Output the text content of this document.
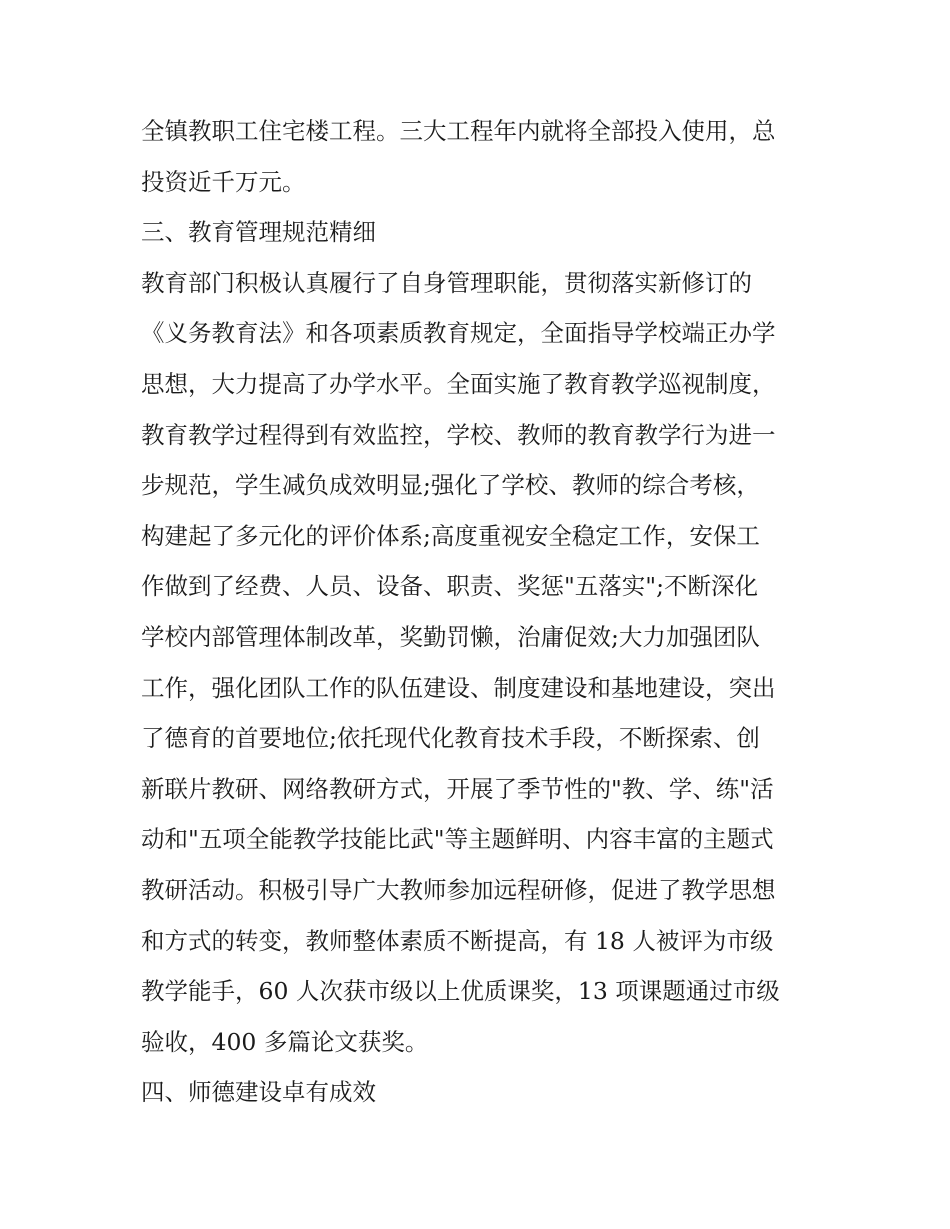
全镇教职工住宅楼工程。三大工程年内就将全部投入使用，总
投资近千万元。
三、教育管理规范精细
教育部门积极认真履行了自身管理职能，贯彻落实新修订的
《义务教育法》和各项素质教育规定，全面指导学校端正办学
思想，大力提高了办学水平。全面实施了教育教学巡视制度，
教育教学过程得到有效监控，学校、教师的教育教学行为进一
步规范，学生减负成效明显;强化了学校、教师的综合考核，
构建起了多元化的评价体系;高度重视安全稳定工作，安保工
作做到了经费、人员、设备、职责、奖惩"五落实";不断深化
学校内部管理体制改革，奖勤罚懒，治庸促效;大力加强团队
工作，强化团队工作的队伍建设、制度建设和基地建设，突出
了德育的首要地位;依托现代化教育技术手段，不断探索、创
新联片教研、网络教研方式，开展了季节性的"教、学、练"活
动和"五项全能教学技能比武"等主题鲜明、内容丰富的主题式
教研活动。积极引导广大教师参加远程研修，促进了教学思想
和方式的转变，教师整体素质不断提高，有 18 人被评为市级
教学能手，60 人次获市级以上优质课奖，13 项课题通过市级
验收，400 多篇论文获奖。
四、师德建设卓有成效
